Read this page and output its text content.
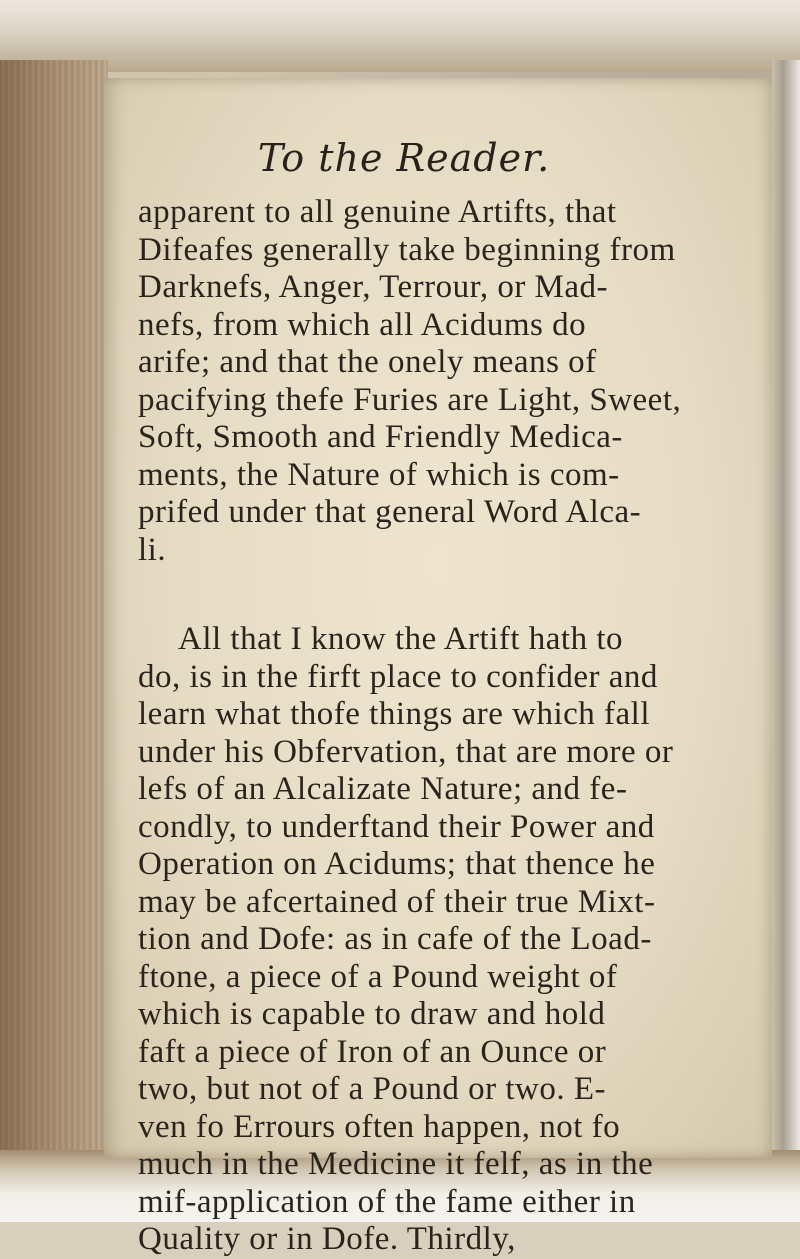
To the Reader.
apparent to all genuine Artifts, that
Difeafes generally take beginning from
Darknefs, Anger, Terrour, or Mad-
nefs, from which all Acidums do
arife; and that the onely means of
pacifying thefe Furies are Light, Sweet,
Soft, Smooth and Friendly Medica-
ments, the Nature of which is com-
prifed under that general Word Alca-
li.
All that I know the Artift hath to
do, is in the firft place to confider and
learn what thofe things are which fall
under his Obfervation, that are more or
lefs of an Alcalizate Nature; and fe-
condly, to underftand their Power and
Operation on Acidums; that thence he
may be afcertained of their true Mixt-
tion and Dofe: as in cafe of the Load-
ftone, a piece of a Pound weight of
which is capable to draw and hold
faft a piece of Iron of an Ounce or
two, but not of a Pound or two. E-
ven fo Errours often happen, not fo
much in the Medicine it felf, as in the
mif-application of the fame either in
Quality or in Dofe. Thirdly,
